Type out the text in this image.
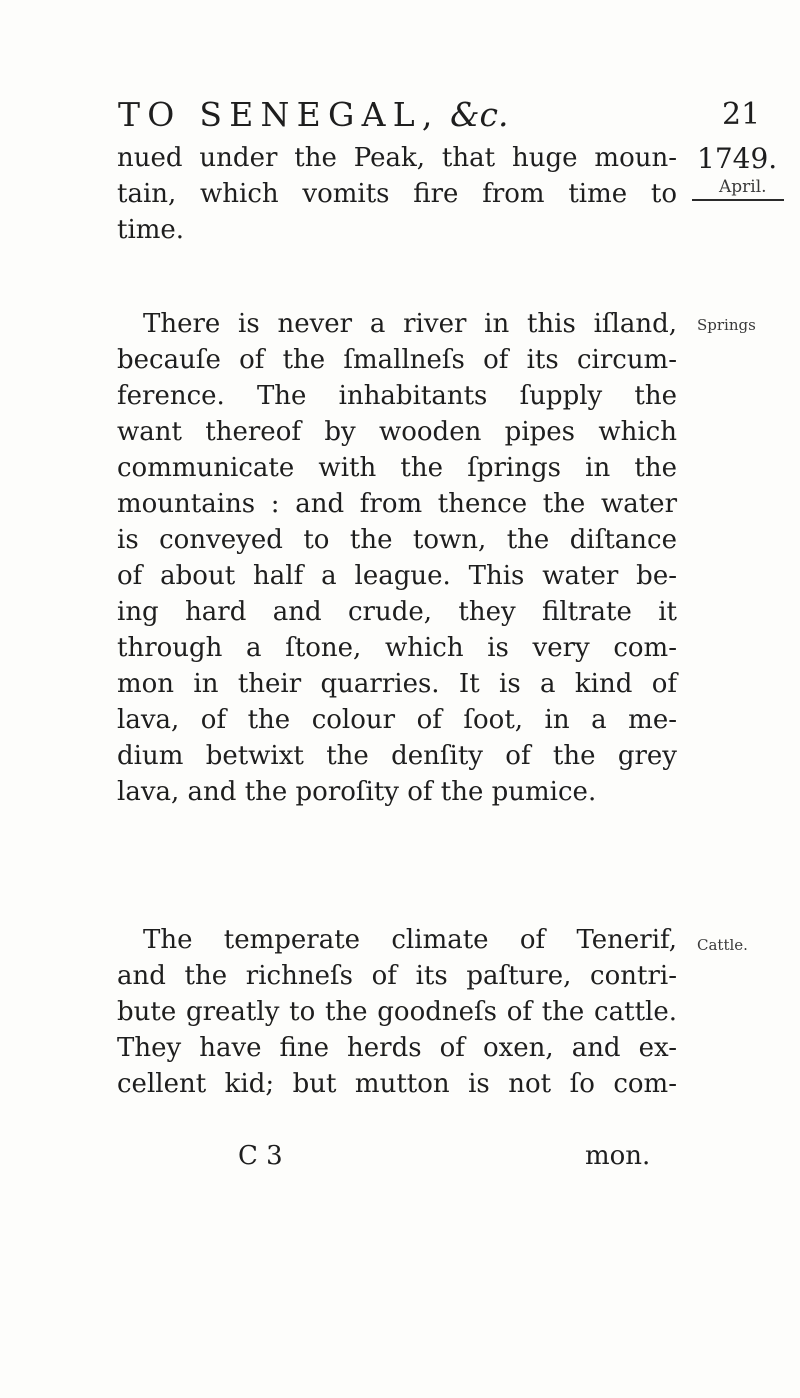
TO SENEGAL, &c.	21
1749.
April.
Springs
Cattle.
nued under the Peak, that huge moun-
tain, which vomits fire from time to
time.
There is never a river in this iſland,
becauſe of the ſmallneſs of its circum-
ference. The inhabitants ſupply the
want thereof by wooden pipes which
communicate with the ſprings in the
mountains : and from thence the water
is conveyed to the town, the diſtance
of about half a league. This water be-
ing hard and crude, they filtrate it
through a ſtone, which is very com-
mon in their quarries. It is a kind of
lava, of the colour of ſoot, in a me-
dium betwixt the denſity of the grey
lava, and the poroſity of the pumice.
The temperate climate of Tenerif,
and the richneſs of its paſture, contri-
bute greatly to the goodneſs of the cattle.
They have fine herds of oxen, and ex-
cellent kid; but mutton is not ſo com-
C 3	mon.
